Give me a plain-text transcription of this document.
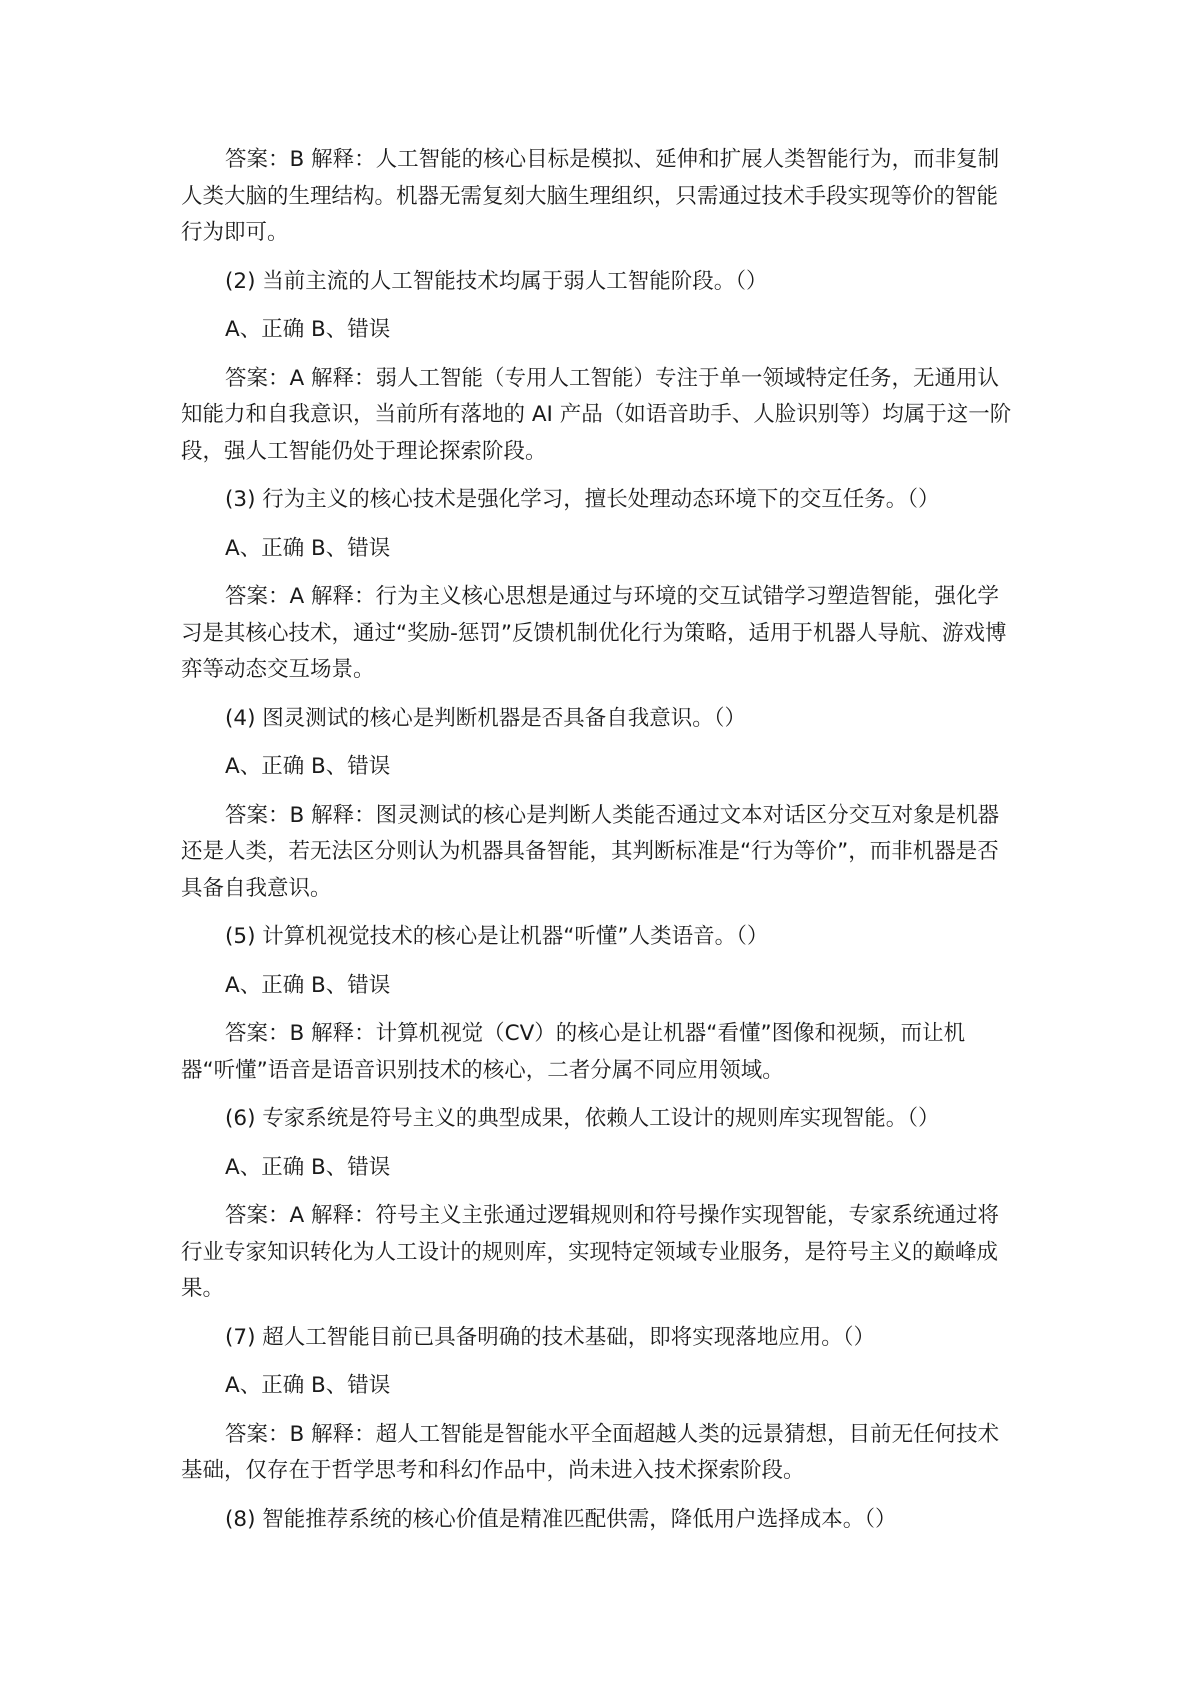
答案：B 解释：人工智能的核心目标是模拟、延伸和扩展人类智能行为，而非复制人类大脑的生理结构。机器无需复刻大脑生理组织，只需通过技术手段实现等价的智能行为即可。

(2) 当前主流的人工智能技术均属于弱人工智能阶段。（）

A、正确 B、错误

答案：A 解释：弱人工智能（专用人工智能）专注于单一领域特定任务，无通用认知能力和自我意识，当前所有落地的 AI 产品（如语音助手、人脸识别等）均属于这一阶段，强人工智能仍处于理论探索阶段。

(3) 行为主义的核心技术是强化学习，擅长处理动态环境下的交互任务。（）

A、正确 B、错误

答案：A 解释：行为主义核心思想是通过与环境的交互试错学习塑造智能，强化学习是其核心技术，通过“奖励-惩罚”反馈机制优化行为策略，适用于机器人导航、游戏博弈等动态交互场景。

(4) 图灵测试的核心是判断机器是否具备自我意识。（）

A、正确 B、错误

答案：B 解释：图灵测试的核心是判断人类能否通过文本对话区分交互对象是机器还是人类，若无法区分则认为机器具备智能，其判断标准是“行为等价”，而非机器是否具备自我意识。

(5) 计算机视觉技术的核心是让机器“听懂”人类语音。（）

A、正确 B、错误

答案：B 解释：计算机视觉（CV）的核心是让机器“看懂”图像和视频，而让机器“听懂”语音是语音识别技术的核心，二者分属不同应用领域。

(6) 专家系统是符号主义的典型成果，依赖人工设计的规则库实现智能。（）

A、正确 B、错误

答案：A 解释：符号主义主张通过逻辑规则和符号操作实现智能，专家系统通过将行业专家知识转化为人工设计的规则库，实现特定领域专业服务，是符号主义的巅峰成果。

(7) 超人工智能目前已具备明确的技术基础，即将实现落地应用。（）

A、正确 B、错误

答案：B 解释：超人工智能是智能水平全面超越人类的远景猜想，目前无任何技术基础，仅存在于哲学思考和科幻作品中，尚未进入技术探索阶段。

(8) 智能推荐系统的核心价值是精准匹配供需，降低用户选择成本。（）
